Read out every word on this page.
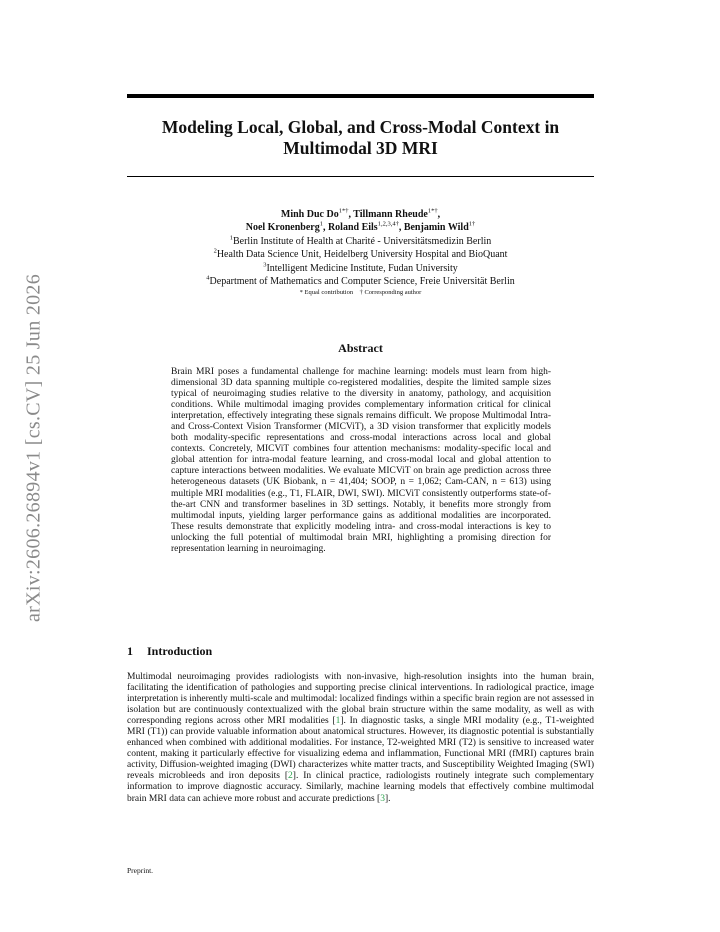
arXiv:2606.26894v1 [cs.CV] 25 Jun 2026
Modeling Local, Global, and Cross-Modal Context in Multimodal 3D MRI
Minh Duc $Do^{1*\dagger}$, Tillmann Rheude$^{1*\dagger}$,
Noel Kronenberg$^1$, Roland Eils$^{1,2,3,4\dagger}$, Benjamin Wild$^{1\dagger}$
$^1$Berlin Institute of Health at Charité - Universitätsmedizin Berlin
$^2$Health Data Science Unit, Heidelberg University Hospital and BioQuant
$^3$Intelligent Medicine Institute, Fudan University
$^4$Department of Mathematics and Computer Science, Freie Universität Berlin
* Equal contribution    † Corresponding author
Abstract
Brain MRI poses a fundamental challenge for machine learning: models must learn from high-dimensional 3D data spanning multiple co-registered modalities, despite the limited sample sizes typical of neuroimaging studies relative to the diversity in anatomy, pathology, and acquisition conditions. While multimodal imaging provides complementary information critical for clinical interpretation, effectively integrating these signals remains difficult. We propose Multimodal Intra- and Cross-Context Vision Transformer (MICViT), a 3D vision transformer that explicitly models both modality-specific representations and cross-modal interactions across local and global contexts. Concretely, MICViT combines four attention mechanisms: modality-specific local and global attention for intra-modal feature learning, and cross-modal local and global attention to capture interactions between modalities. We evaluate MICViT on brain age prediction across three heterogeneous datasets (UK Biobank, n = 41,404; SOOP, n = 1,062; Cam-CAN, n = 613) using multiple MRI modalities (e.g., T1, FLAIR, DWI, SWI). MICViT consistently outperforms state-of-the-art CNN and transformer baselines in 3D settings. Notably, it benefits more strongly from multimodal inputs, yielding larger performance gains as additional modalities are incorporated. These results demonstrate that explicitly modeling intra- and cross-modal interactions is key to unlocking the full potential of multimodal brain MRI, highlighting a promising direction for representation learning in neuroimaging.
1 Introduction
Multimodal neuroimaging provides radiologists with non-invasive, high-resolution insights into the human brain, facilitating the identification of pathologies and supporting precise clinical interventions. In radiological practice, image interpretation is inherently multi-scale and multimodal: localized findings within a specific brain region are not assessed in isolation but are continuously contextualized with the global brain structure within the same modality, as well as with corresponding regions across other MRI modalities [1]. In diagnostic tasks, a single MRI modality (e.g., T1-weighted MRI (T1)) can provide valuable information about anatomical structures. However, its diagnostic potential is substantially enhanced when combined with additional modalities. For instance, T2-weighted MRI (T2) is sensitive to increased water content, making it particularly effective for visualizing edema and inflammation, Functional MRI (fMRI) captures brain activity, Diffusion-weighted imaging (DWI) characterizes white matter tracts, and Susceptibility Weighted Imaging (SWI) reveals microbleeds and iron deposits [2]. In clinical practice, radiologists routinely integrate such complementary information to improve diagnostic accuracy. Similarly, machine learning models that effectively combine multimodal brain MRI data can achieve more robust and accurate predictions [3].
Preprint.
